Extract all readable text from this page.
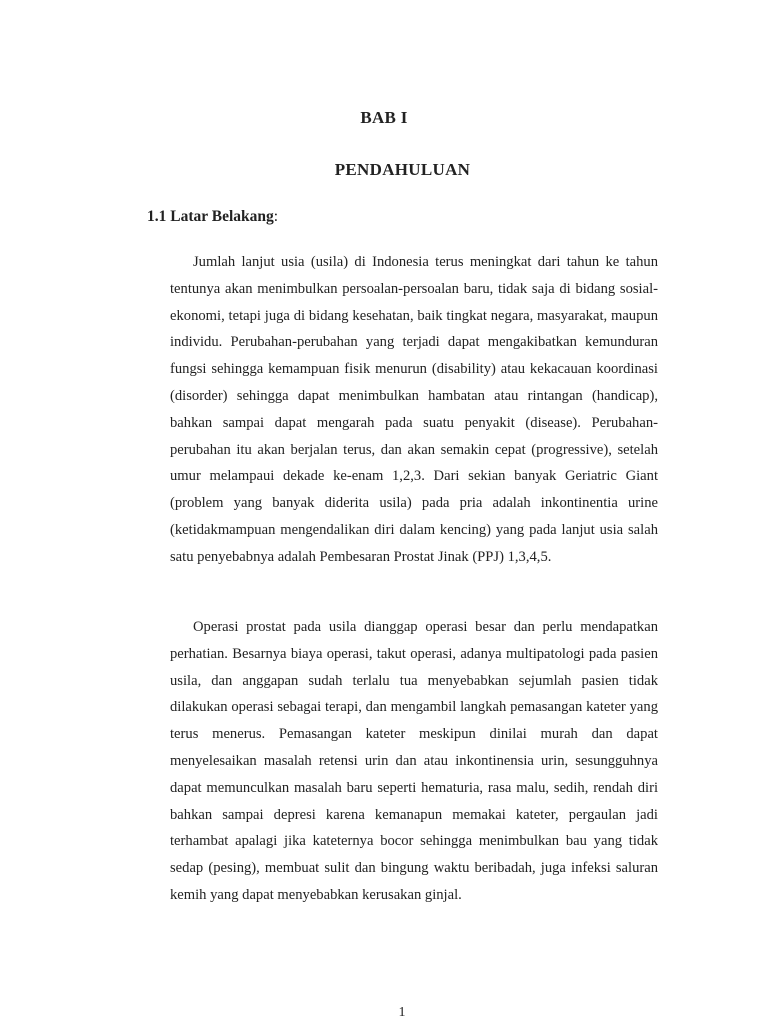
BAB I
PENDAHULUAN
1.1 Latar Belakang:

Jumlah lanjut usia (usila) di Indonesia terus meningkat dari tahun ke tahun tentunya akan menimbulkan persoalan-persoalan baru, tidak saja di bidang sosial-ekonomi, tetapi juga di bidang kesehatan, baik tingkat negara, masyarakat, maupun individu. Perubahan-perubahan yang terjadi dapat mengakibatkan kemunduran fungsi sehingga kemampuan fisik menurun (disability) atau kekacauan koordinasi (disorder) sehingga dapat menimbulkan hambatan atau rintangan (handicap), bahkan sampai dapat mengarah pada suatu penyakit (disease). Perubahan-perubahan itu akan berjalan terus, dan akan semakin cepat (progressive), setelah umur melampaui dekade ke-enam 1,2,3. Dari sekian banyak Geriatric Giant (problem yang banyak diderita usila) pada pria adalah inkontinentia urine (ketidakmampuan mengendalikan diri dalam kencing) yang pada lanjut usia salah satu penyebabnya adalah Pembesaran Prostat Jinak (PPJ) 1,3,4,5.

Operasi prostat pada usila dianggap operasi besar dan perlu mendapatkan perhatian. Besarnya biaya operasi, takut operasi, adanya multipatologi pada pasien usila, dan anggapan sudah terlalu tua menyebabkan sejumlah pasien tidak dilakukan operasi sebagai terapi, dan mengambil langkah pemasangan kateter yang terus menerus. Pemasangan kateter meskipun dinilai murah dan dapat menyelesaikan masalah retensi urin dan atau inkontinensia urin, sesungguhnya dapat memunculkan masalah baru seperti hematuria, rasa malu, sedih, rendah diri bahkan sampai depresi karena kemanapun memakai kateter, pergaulan jadi terhambat apalagi jika kateternya bocor sehingga menimbulkan bau yang tidak sedap (pesing), membuat sulit dan bingung waktu beribadah, juga infeksi saluran kemih yang dapat menyebabkan kerusakan ginjal.

1
